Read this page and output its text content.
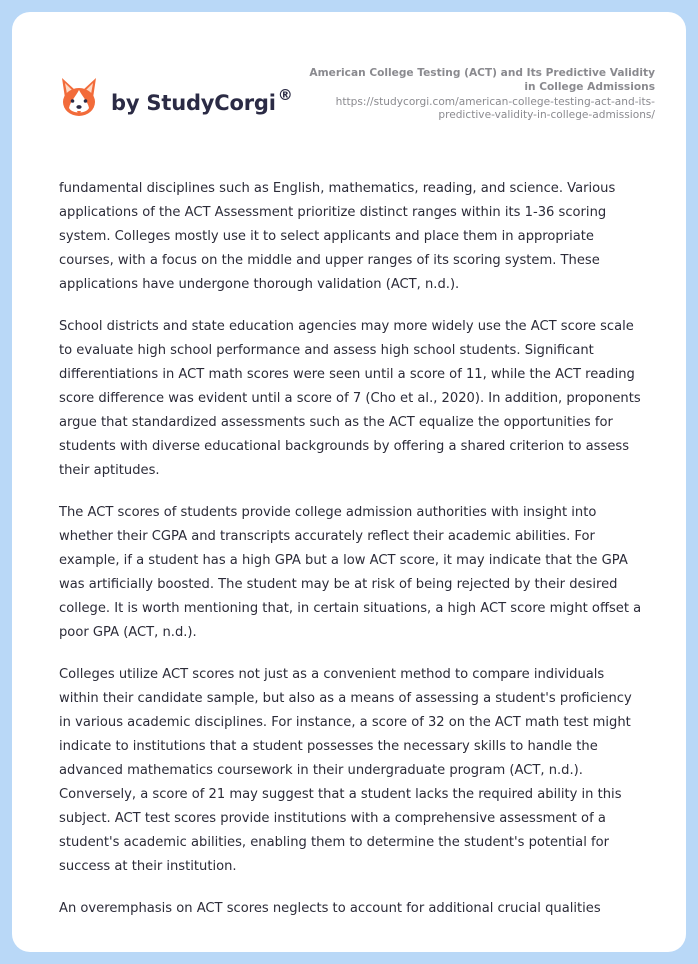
by StudyCorgi ®
American College Testing (ACT) and Its Predictive Validity in College Admissions
https://studycorgi.com/american-college-testing-act-and-its-predictive-validity-in-college-admissions/

fundamental disciplines such as English, mathematics, reading, and science. Various applications of the ACT Assessment prioritize distinct ranges within its 1-36 scoring system. Colleges mostly use it to select applicants and place them in appropriate courses, with a focus on the middle and upper ranges of its scoring system. These applications have undergone thorough validation (ACT, n.d.).

School districts and state education agencies may more widely use the ACT score scale to evaluate high school performance and assess high school students. Significant differentiations in ACT math scores were seen until a score of 11, while the ACT reading score difference was evident until a score of 7 (Cho et al., 2020). In addition, proponents argue that standardized assessments such as the ACT equalize the opportunities for students with diverse educational backgrounds by offering a shared criterion to assess their aptitudes.

The ACT scores of students provide college admission authorities with insight into whether their CGPA and transcripts accurately reflect their academic abilities. For example, if a student has a high GPA but a low ACT score, it may indicate that the GPA was artificially boosted. The student may be at risk of being rejected by their desired college. It is worth mentioning that, in certain situations, a high ACT score might offset a poor GPA (ACT, n.d.).

Colleges utilize ACT scores not just as a convenient method to compare individuals within their candidate sample, but also as a means of assessing a student's proficiency in various academic disciplines. For instance, a score of 32 on the ACT math test might indicate to institutions that a student possesses the necessary skills to handle the advanced mathematics coursework in their undergraduate program (ACT, n.d.). Conversely, a score of 21 may suggest that a student lacks the required ability in this subject. ACT test scores provide institutions with a comprehensive assessment of a student's academic abilities, enabling them to determine the student's potential for success at their institution.

An overemphasis on ACT scores neglects to account for additional crucial qualities
